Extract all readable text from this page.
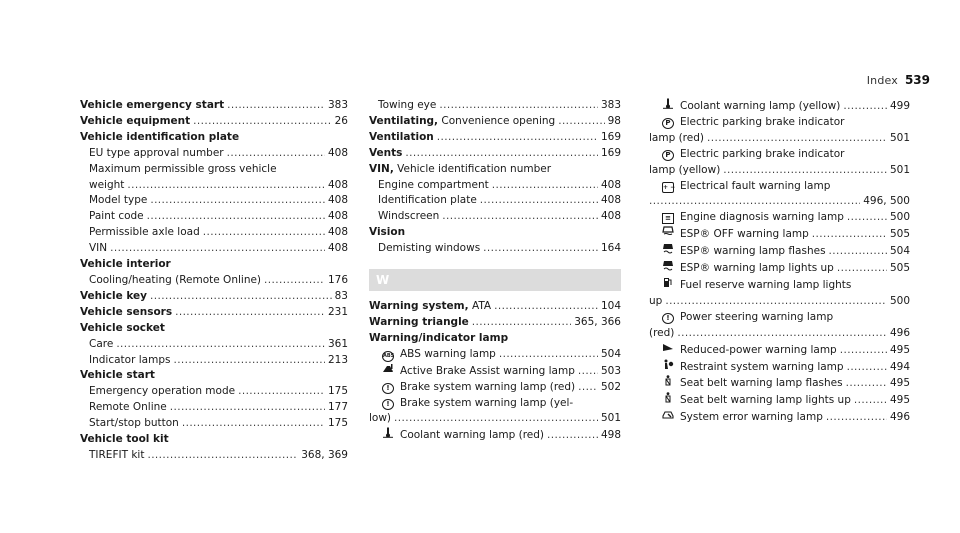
Index 539
Vehicle emergency start .....	383
Vehicle equipment .....	26
Vehicle identification plate
EU type approval number .....	408
Maximum permissible gross vehicle
weight .....	408
Model type .....	408
Paint code .....	408
Permissible axle load .....	408
VIN .....	408
Vehicle interior
Cooling/heating (Remote Online) .....	176
Vehicle key .....	83
Vehicle sensors .....	231
Vehicle socket
Care .....	361
Indicator lamps .....	213
Vehicle start
Emergency operation mode .....	175
Remote Online .....	177
Start/stop button .....	175
Vehicle tool kit
TIREFIT kit .....	368, 369
Towing eye .....	383
Ventilating,
Convenience opening .....	98
Ventilation .....	169
Vents .....	169
VIN,
Vehicle identification number
Engine compartment .....	408
Identification plate .....	408
Windscreen .....	408
Vision
Demisting windows .....	164
W
Warning system,
ATA .....	104
Warning triangle .....	365, 366
Warning/indicator lamp
ABS ABS warning lamp .....	504
Active Brake Assist warning lamp ..... 503
! Brake system warning lamp (red) ..... 502
! Brake system warning lamp (yel-
low) .....	501
Coolant warning lamp (red) .....	498
Coolant warning lamp (yellow) .....	499
P Electric parking brake indicator
lamp (red) .....	501
P Electric parking brake indicator
lamp (yellow) .....	501
+ − Electrical fault warning lamp
.....
496, 500
≡ Engine diagnosis warning lamp .....	500
ESP® OFF warning lamp .....	505
ESP® warning lamp flashes .....	504
ESP® warning lamp lights up .....	505
Fuel reserve warning lamp lights
up .....	500
! Power steering warning lamp
(red) .....	496
Reduced-power warning lamp .....	495
Restraint system warning lamp .....	494
Seat belt warning lamp flashes .....	495
Seat belt warning lamp lights up .....	495
System error warning lamp .....	496
